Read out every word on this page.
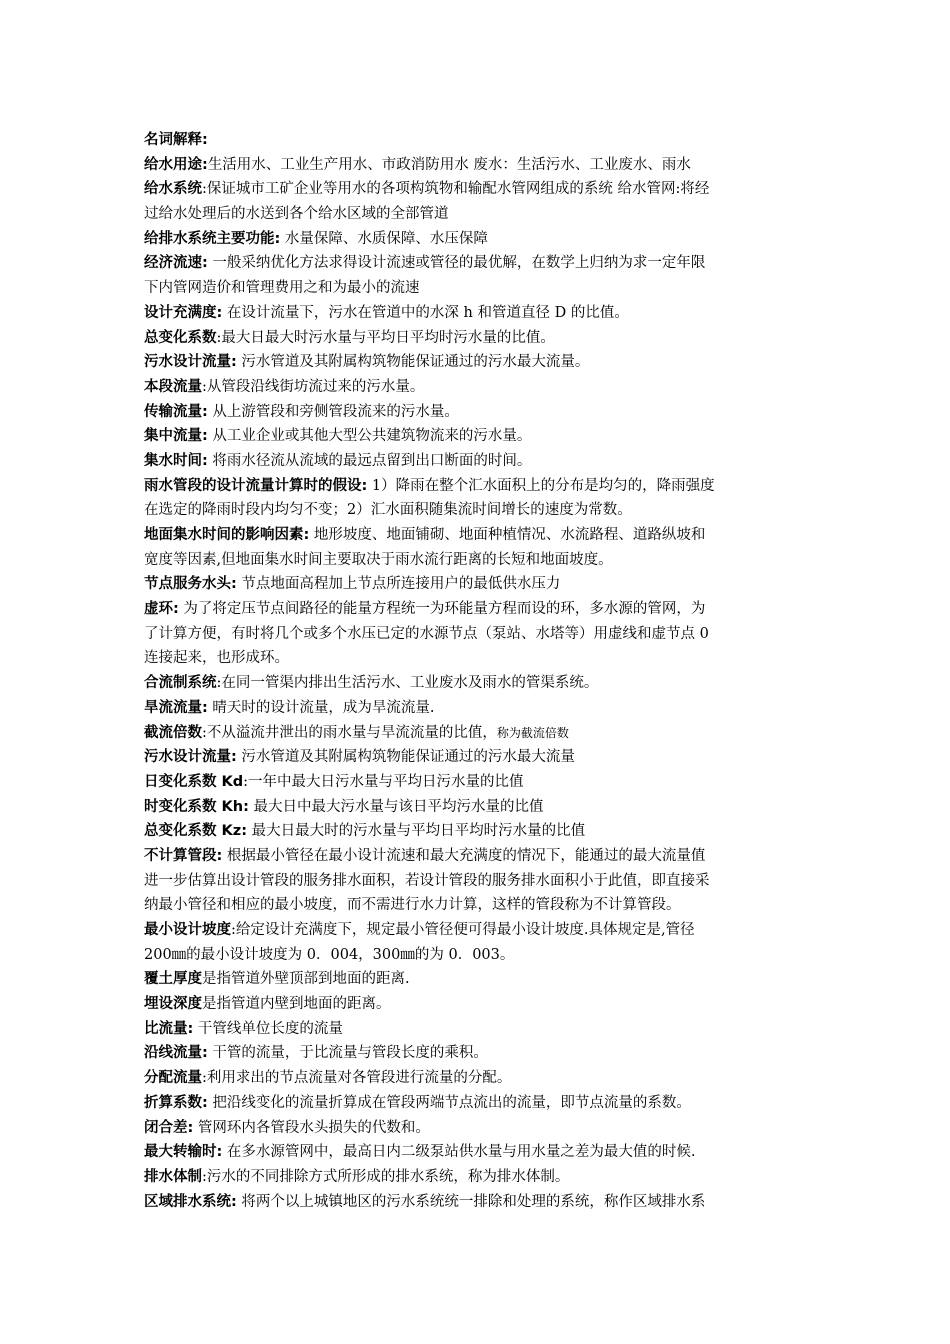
名词解释:
给水用途:生活用水、工业生产用水、市政消防用水 废水：生活污水、工业废水、雨水
给水系统:保证城市工矿企业等用水的各项构筑物和输配水管网组成的系统 给水管网:将经
过给水处理后的水送到各个给水区域的全部管道
给排水系统主要功能: 水量保障、水质保障、水压保障
经济流速: 一般采纳优化方法求得设计流速或管径的最优解，在数学上归纳为求一定年限
下内管网造价和管理费用之和为最小的流速
设计充满度: 在设计流量下，污水在管道中的水深 h 和管道直径 D 的比值。
总变化系数:最大日最大时污水量与平均日平均时污水量的比值。
污水设计流量: 污水管道及其附属构筑物能保证通过的污水最大流量。
本段流量:从管段沿线街坊流过来的污水量。
传输流量: 从上游管段和旁侧管段流来的污水量。
集中流量: 从工业企业或其他大型公共建筑物流来的污水量。
集水时间: 将雨水径流从流域的最远点留到出口断面的时间。
雨水管段的设计流量计算时的假设: 1）降雨在整个汇水面积上的分布是均匀的，降雨强度
在选定的降雨时段内均匀不变；2）汇水面积随集流时间增长的速度为常数。
地面集水时间的影响因素: 地形坡度、地面铺砌、地面种植情况、水流路程、道路纵坡和
宽度等因素,但地面集水时间主要取决于雨水流行距离的长短和地面坡度。
节点服务水头: 节点地面高程加上节点所连接用户的最低供水压力
虚环: 为了将定压节点间路径的能量方程统一为环能量方程而设的环，多水源的管网，为
了计算方便，有时将几个或多个水压已定的水源节点（泵站、水塔等）用虚线和虚节点 0
连接起来，也形成环。
合流制系统:在同一管渠内排出生活污水、工业废水及雨水的管渠系统。
旱流流量: 晴天时的设计流量，成为旱流流量.
截流倍数:不从溢流井泄出的雨水量与旱流流量的比值，称为截流倍数
污水设计流量: 污水管道及其附属构筑物能保证通过的污水最大流量
日变化系数 Kd:一年中最大日污水量与平均日污水量的比值
时变化系数 Kh: 最大日中最大污水量与该日平均污水量的比值
总变化系数 Kz: 最大日最大时的污水量与平均日平均时污水量的比值
不计算管段: 根据最小管径在最小设计流速和最大充满度的情况下，能通过的最大流量值
进一步估算出设计管段的服务排水面积，若设计管段的服务排水面积小于此值，即直接采
纳最小管径和相应的最小坡度，而不需进行水力计算，这样的管段称为不计算管段。
最小设计坡度:给定设计充满度下，规定最小管径便可得最小设计坡度.具体规定是,管径
200㎜的最小设计坡度为 0．004，300㎜的为 0．003。
覆土厚度是指管道外壁顶部到地面的距离.
埋设深度是指管道内壁到地面的距离。
比流量: 干管线单位长度的流量
沿线流量: 干管的流量，于比流量与管段长度的乘积。
分配流量:利用求出的节点流量对各管段进行流量的分配。
折算系数: 把沿线变化的流量折算成在管段两端节点流出的流量，即节点流量的系数。
闭合差: 管网环内各管段水头损失的代数和。
最大转输时: 在多水源管网中，最高日内二级泵站供水量与用水量之差为最大值的时候.
排水体制:污水的不同排除方式所形成的排水系统，称为排水体制。
区域排水系统: 将两个以上城镇地区的污水系统统一排除和处理的系统，称作区域排水系
